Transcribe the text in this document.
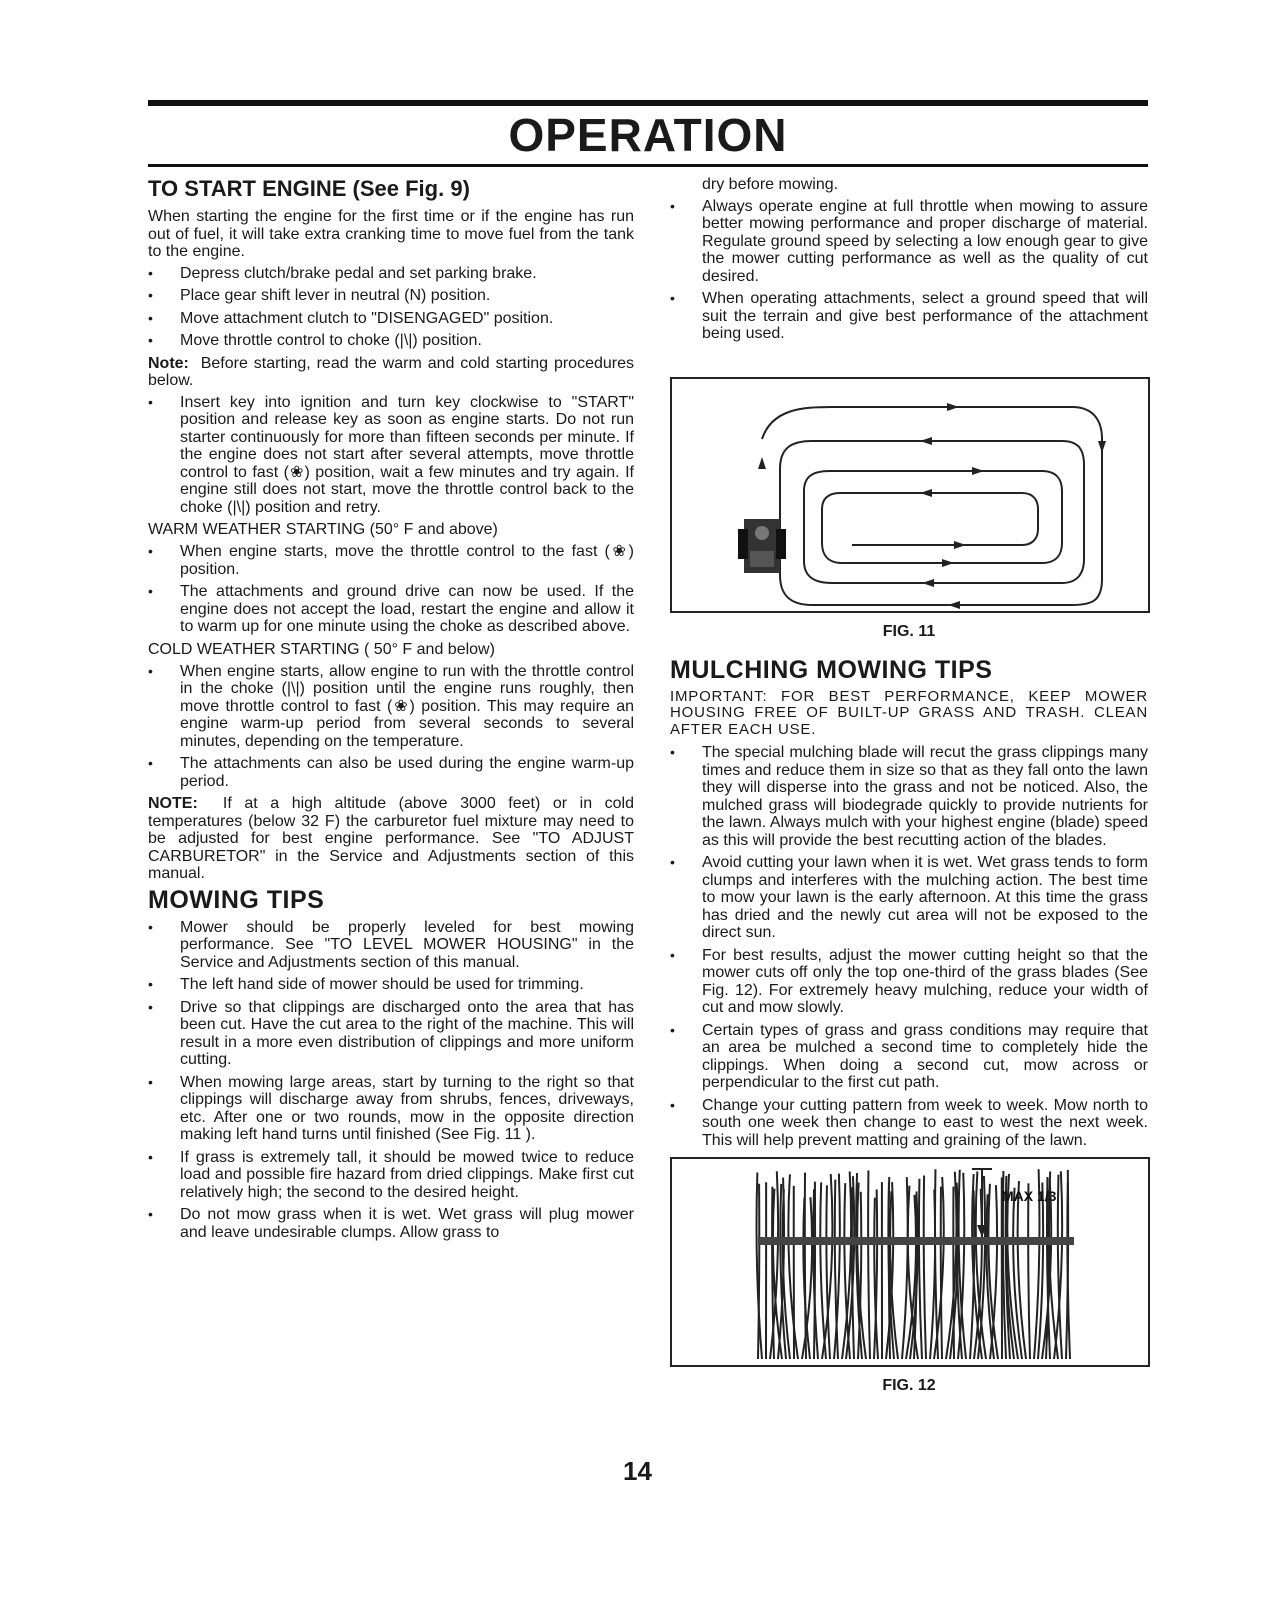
OPERATION
TO START ENGINE (See Fig. 9)

When starting the engine for the first time or if the engine has run out of fuel, it will take extra cranking time to move fuel from the tank to the engine.

• Depress clutch/brake pedal and set parking brake.
• Place gear shift lever in neutral (N) position.
• Move attachment clutch to "DISENGAGED" position.
• Move throttle control to choke (|\|) position.

Note: Before starting, read the warm and cold starting procedures below.

• Insert key into ignition and turn key clockwise to "START" position and release key as soon as engine starts. Do not run starter continuously for more than fifteen seconds per minute. If the engine does not start after several attempts, move throttle control to fast (❀) position, wait a few minutes and try again. If engine still does not start, move the throttle control back to the choke (|\|) position and retry.
WARM WEATHER STARTING (50° F and above)
• When engine starts, move the throttle control to the fast (❀) position.
• The attachments and ground drive can now be used. If the engine does not accept the load, restart the engine and allow it to warm up for one minute using the choke as described above.
COLD WEATHER STARTING ( 50° F and below)
• When engine starts, allow engine to run with the throttle control in the choke (|\|) position until the engine runs roughly, then move throttle control to fast (❀) position. This may require an engine warm-up period from several seconds to several minutes, depending on the temperature.
• The attachments can also be used during the engine warm-up period.

NOTE: If at a high altitude (above 3000 feet) or in cold temperatures (below 32 F) the carburetor fuel mixture may need to be adjusted for best engine performance. See "TO ADJUST CARBURETOR" in the Service and Adjustments section of this manual.

MOWING TIPS
• Mower should be properly leveled for best mowing performance. See "TO LEVEL MOWER HOUSING" in the Service and Adjustments section of this manual.
• The left hand side of mower should be used for trimming.
• Drive so that clippings are discharged onto the area that has been cut. Have the cut area to the right of the machine. This will result in a more even distribution of clippings and more uniform cutting.
• When mowing large areas, start by turning to the right so that clippings will discharge away from shrubs, fences, driveways, etc. After one or two rounds, mow in the opposite direction making left hand turns until finished (See Fig. 11 ).
• If grass is extremely tall, it should be mowed twice to reduce load and possible fire hazard from dried clippings. Make first cut relatively high; the second to the desired height.
• Do not mow grass when it is wet. Wet grass will plug mower and leave undesirable clumps. Allow grass to

dry before mowing.

• Always operate engine at full throttle when mowing to assure better mowing performance and proper discharge of material. Regulate ground speed by selecting a low enough gear to give the mower cutting performance as well as the quality of cut desired.
• When operating attachments, select a ground speed that will suit the terrain and give best performance of the attachment being used.
FIG. 11
MULCHING MOWING TIPS
IMPORTANT: FOR BEST PERFORMANCE, KEEP MOWER HOUSING FREE OF BUILT-UP GRASS AND TRASH. CLEAN AFTER EACH USE.
• The special mulching blade will recut the grass clippings many times and reduce them in size so that as they fall onto the lawn they will disperse into the grass and not be noticed. Also, the mulched grass will biodegrade quickly to provide nutrients for the lawn. Always mulch with your highest engine (blade) speed as this will provide the best recutting action of the blades.
• Avoid cutting your lawn when it is wet. Wet grass tends to form clumps and interferes with the mulching action. The best time to mow your lawn is the early afternoon. At this time the grass has dried and the newly cut area will not be exposed to the direct sun.
• For best results, adjust the mower cutting height so that the mower cuts off only the top one-third of the grass blades (See Fig. 12). For extremely heavy mulching, reduce your width of cut and mow slowly.
• Certain types of grass and grass conditions may require that an area be mulched a second time to completely hide the clippings. When doing a second cut, mow across or perpendicular to the first cut path.
• Change your cutting pattern from week to week. Mow north to south one week then change to east to west the next week. This will help prevent matting and graining of the lawn.
MAX 1/3
FIG. 12
14
